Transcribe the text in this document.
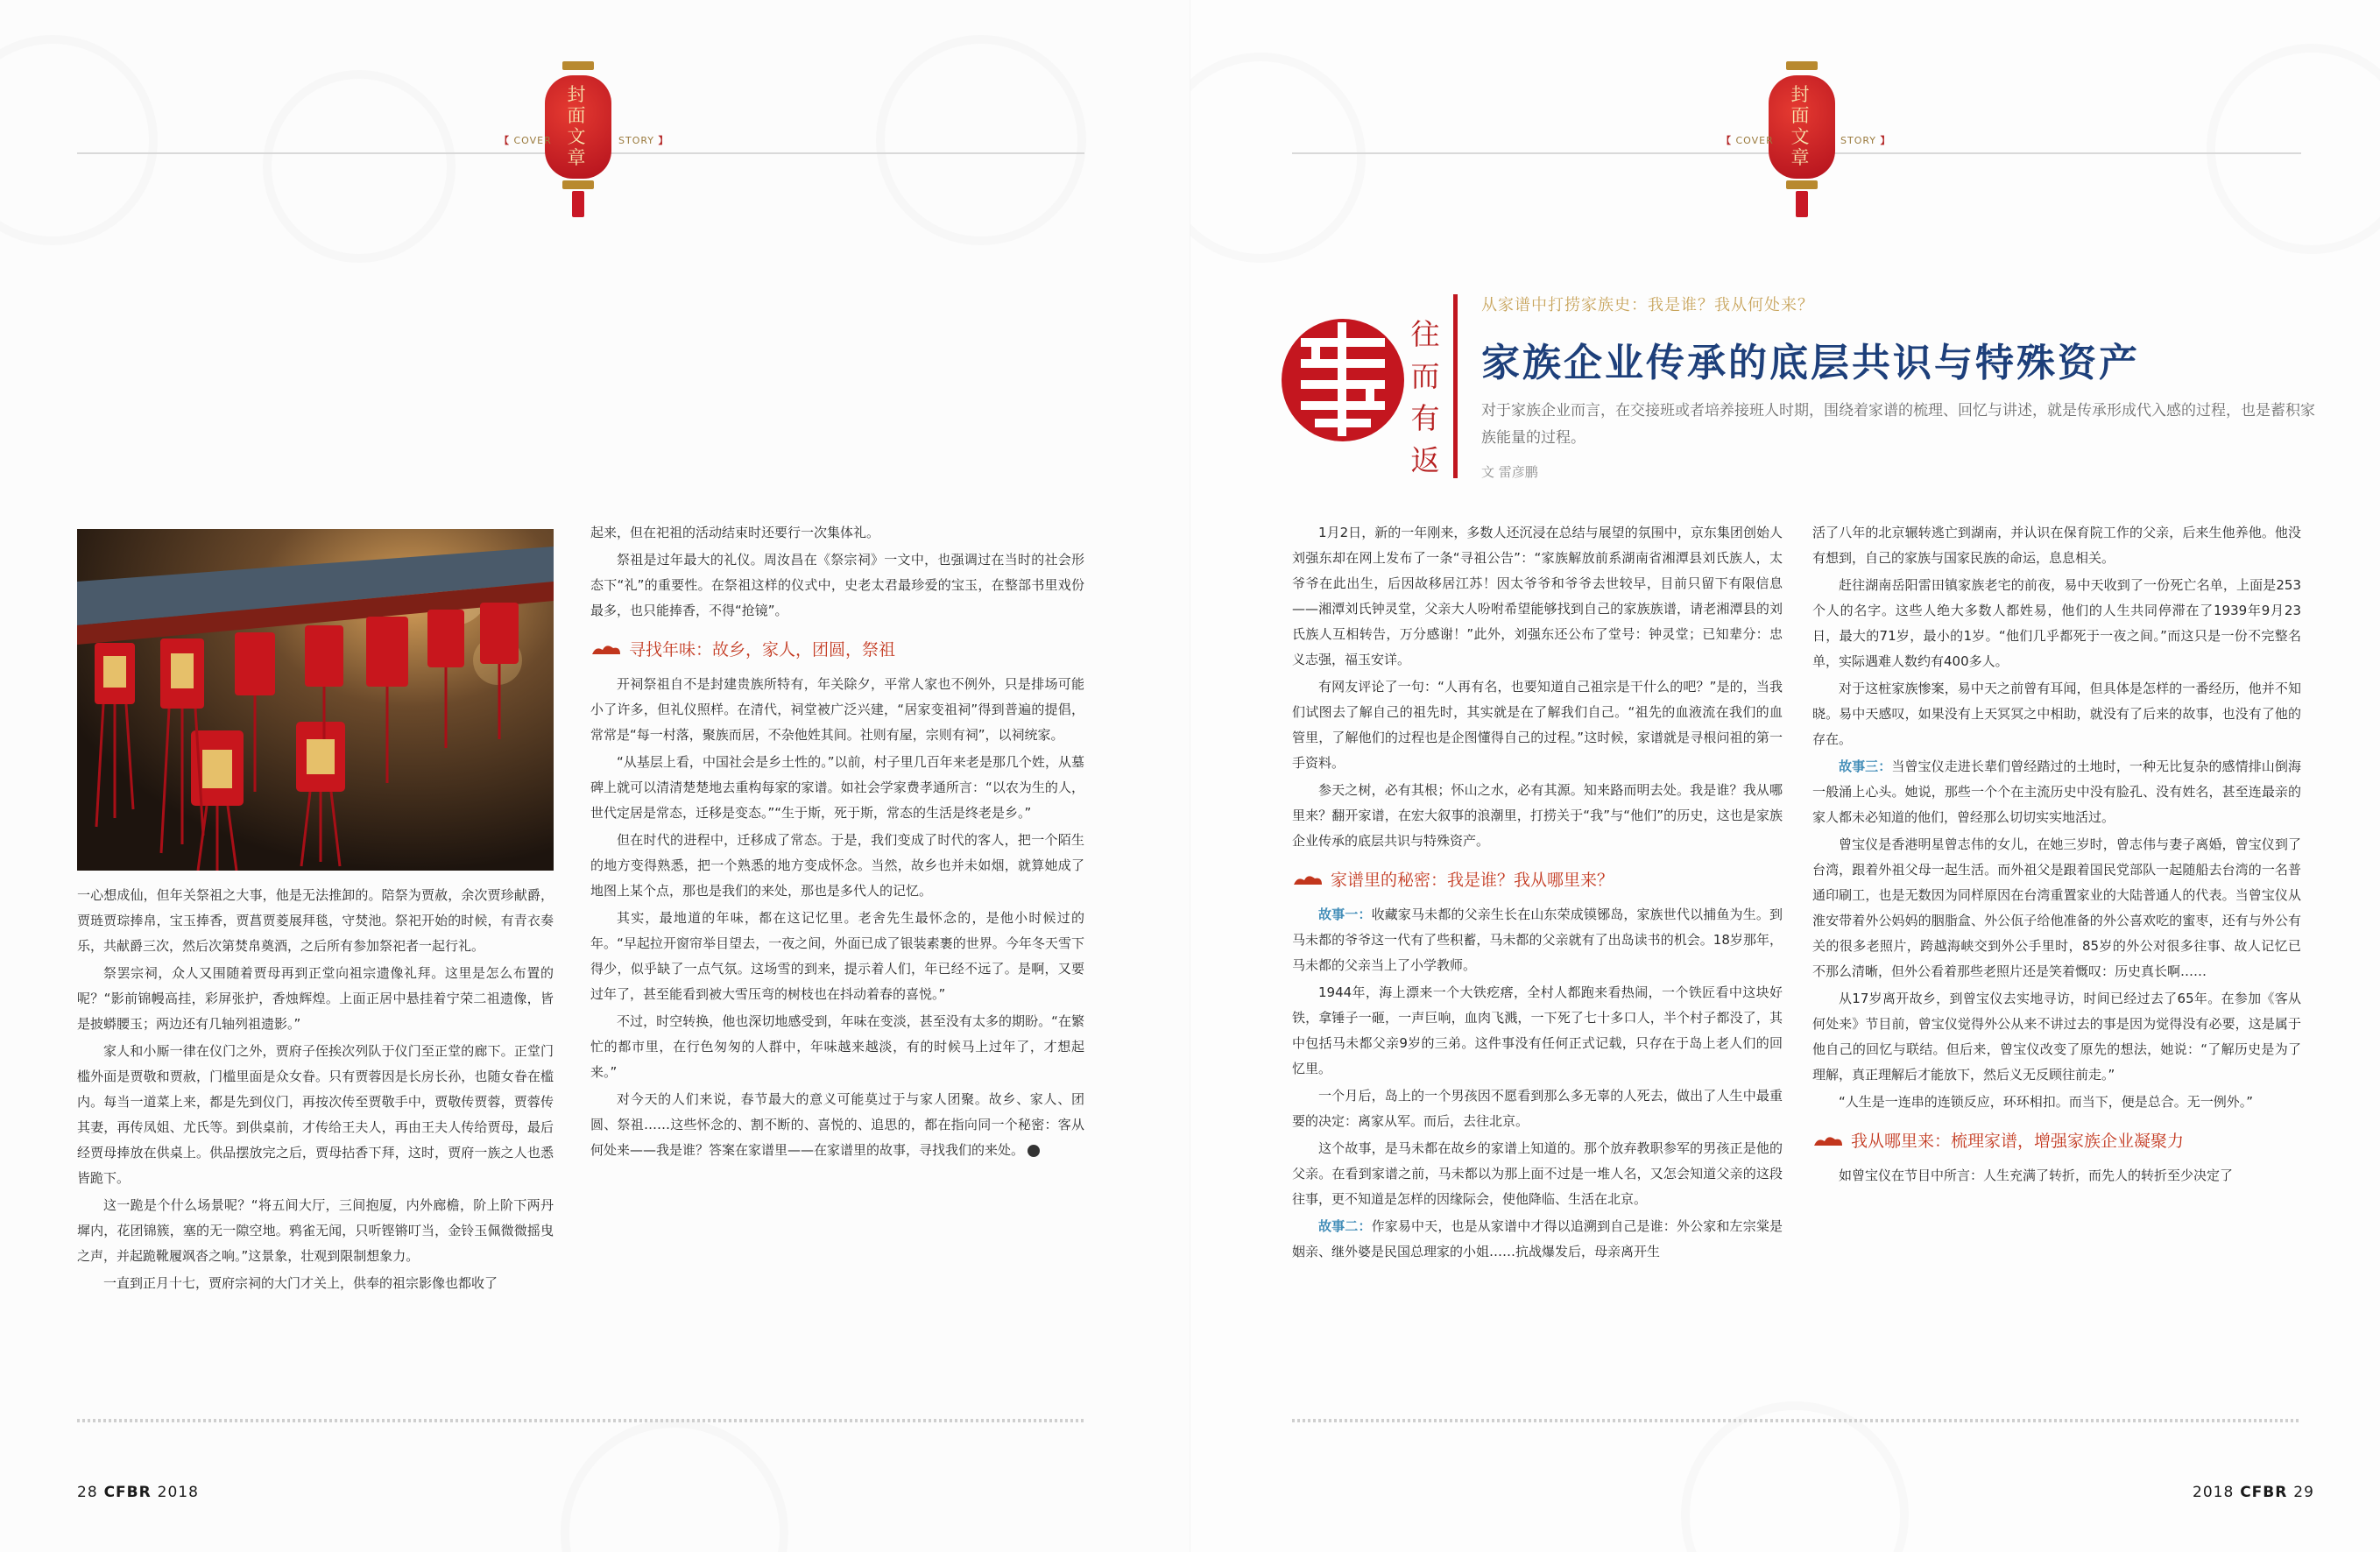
封
面
文
章
【 COVER	STORY 】

一心想成仙，但年关祭祖之大事，他是无法推卸的。陪祭为贾赦，余次贾珍献爵，贾琏贾琮捧帛，宝玉捧香，贾菖贾菱展拜毯，守焚池。祭祀开始的时候，有青衣奏乐，共献爵三次，然后次第焚帛奠酒，之后所有参加祭祀者一起行礼。

祭罢宗祠，众人又围随着贾母再到正堂向祖宗遗像礼拜。这里是怎么布置的呢？“影前锦幔高挂，彩屏张护，香烛辉煌。上面正居中悬挂着宁荣二祖遗像，皆是披蟒腰玉；两边还有几轴列祖遗影。”

家人和小厮一律在仪门之外，贾府子侄挨次列队于仪门至正堂的廊下。正堂门槛外面是贾敬和贾赦，门槛里面是众女眷。只有贾蓉因是长房长孙，也随女眷在槛内。每当一道菜上来，都是先到仪门，再按次传至贾敬手中，贾敬传贾蓉，贾蓉传其妻，再传凤姐、尤氏等。到供桌前，才传给王夫人，再由王夫人传给贾母，最后经贾母捧放在供桌上。供品摆放完之后，贾母拈香下拜，这时，贾府一族之人也悉皆跪下。

这一跪是个什么场景呢？“将五间大厅，三间抱厦，内外廊檐，阶上阶下两丹墀内，花团锦簇，塞的无一隙空地。鸦雀无闻，只听铿锵叮当，金铃玉佩微微摇曳之声，并起跪靴履飒沓之响。”这景象，壮观到限制想象力。

一直到正月十七，贾府宗祠的大门才关上，供奉的祖宗影像也都收了

起来，但在祀祖的活动结束时还要行一次集体礼。

祭祖是过年最大的礼仪。周汝昌在《祭宗祠》一文中，也强调过在当时的社会形态下“礼”的重要性。在祭祖这样的仪式中，史老太君最珍爱的宝玉，在整部书里戏份最多，也只能捧香，不得“抢镜”。

寻找年味：故乡，家人，团圆，祭祖

开祠祭祖自不是封建贵族所特有，年关除夕，平常人家也不例外，只是排场可能小了许多，但礼仪照样。在清代，祠堂被广泛兴建，“居家变祖祠”得到普遍的提倡，常常是“每一村落，聚族而居，不杂他姓其间。社则有屋，宗则有祠”，以祠统家。

“从基层上看，中国社会是乡土性的。”以前，村子里几百年来老是那几个姓，从墓碑上就可以清清楚楚地去重构每家的家谱。如社会学家费孝通所言：“以农为生的人，世代定居是常态，迁移是变态。”“生于斯，死于斯，常态的生活是终老是乡。”

但在时代的进程中，迁移成了常态。于是，我们变成了时代的客人，把一个陌生的地方变得熟悉，把一个熟悉的地方变成怀念。当然，故乡也并未如烟，就算她成了地图上某个点，那也是我们的来处，那也是多代人的记忆。

其实，最地道的年味，都在这记忆里。老舍先生最怀念的，是他小时候过的年。“早起拉开窗帘举目望去，一夜之间，外面已成了银装素裹的世界。今年冬天雪下得少，似乎缺了一点气氛。这场雪的到来，提示着人们，年已经不远了。是啊，又要过年了，甚至能看到被大雪压弯的树枝也在抖动着春的喜悦。”

不过，时空转换，他也深切地感受到，年味在变淡，甚至没有太多的期盼。“在繁忙的都市里，在行色匆匆的人群中，年味越来越淡，有的时候马上过年了，才想起来。”

对今天的人们来说，春节最大的意义可能莫过于与家人团聚。故乡、家人、团圆、祭祖……这些怀念的、割不断的、喜悦的、追思的，都在指向同一个秘密：客从何处来——我是谁？答案在家谱里——在家谱里的故事，寻找我们的来处。

28 CFBR 2018
封
面
文
章
【 COVER	STORY 】
往
而
有
返
从家谱中打捞家族史：我是谁？我从何处来？
家族企业传承的底层共识与特殊资产
对于家族企业而言，在交接班或者培养接班人时期，围绕着家谱的梳理、回忆与讲述，就是传承形成代入感的过程，也是蓄积家族能量的过程。
文 雷彦鹏

1月2日，新的一年刚来，多数人还沉浸在总结与展望的氛围中，京东集团创始人刘强东却在网上发布了一条“寻祖公告”：“家族解放前系湖南省湘潭县刘氏族人，太爷爷在此出生，后因故移居江苏！因太爷爷和爷爷去世较早，目前只留下有限信息——湘潭刘氏钟灵堂，父亲大人吩咐希望能够找到自己的家族族谱，请老湘潭县的刘氏族人互相转告，万分感谢！”此外，刘强东还公布了堂号：钟灵堂；已知辈分：忠义志强，福玉安详。

有网友评论了一句：“人再有名，也要知道自己祖宗是干什么的吧？”是的，当我们试图去了解自己的祖先时，其实就是在了解我们自己。“祖先的血液流在我们的血管里，了解他们的过程也是企图懂得自己的过程。”这时候，家谱就是寻根问祖的第一手资料。

参天之树，必有其根；怀山之水，必有其源。知来路而明去处。我是谁？我从哪里来？翻开家谱，在宏大叙事的浪潮里，打捞关于“我”与“他们”的历史，这也是家族企业传承的底层共识与特殊资产。

家谱里的秘密：我是谁？我从哪里来？

故事一：收藏家马未都的父亲生长在山东荣成镆铘岛，家族世代以捕鱼为生。到马未都的爷爷这一代有了些积蓄，马未都的父亲就有了出岛读书的机会。18岁那年，马未都的父亲当上了小学教师。

1944年，海上漂来一个大铁疙瘩，全村人都跑来看热闹，一个铁匠看中这块好铁，拿锤子一砸，一声巨响，血肉飞溅，一下死了七十多口人，半个村子都没了，其中包括马未都父亲9岁的三弟。这件事没有任何正式记载，只存在于岛上老人们的回忆里。

一个月后，岛上的一个男孩因不愿看到那么多无辜的人死去，做出了人生中最重要的决定：离家从军。而后，去往北京。

这个故事，是马未都在故乡的家谱上知道的。那个放弃教职参军的男孩正是他的父亲。在看到家谱之前，马未都以为那上面不过是一堆人名，又怎会知道父亲的这段往事，更不知道是怎样的因缘际会，使他降临、生活在北京。

故事二：作家易中天，也是从家谱中才得以追溯到自己是谁：外公家和左宗棠是姻亲、继外婆是民国总理家的小姐……抗战爆发后，母亲离开生

活了八年的北京辗转逃亡到湖南，并认识在保育院工作的父亲，后来生他养他。他没有想到，自己的家族与国家民族的命运，息息相关。

赶往湖南岳阳雷田镇家族老宅的前夜，易中天收到了一份死亡名单，上面是253个人的名字。这些人绝大多数人都姓易，他们的人生共同停滞在了1939年9月23日，最大的71岁，最小的1岁。“他们几乎都死于一夜之间。”而这只是一份不完整名单，实际遇难人数约有400多人。

对于这桩家族惨案，易中天之前曾有耳闻，但具体是怎样的一番经历，他并不知晓。易中天感叹，如果没有上天冥冥之中相助，就没有了后来的故事，也没有了他的存在。

故事三：当曾宝仪走进长辈们曾经踏过的土地时，一种无比复杂的感情排山倒海一般涌上心头。她说，那些一个个在主流历史中没有脸孔、没有姓名，甚至连最亲的家人都未必知道的他们，曾经那么切切实实地活过。

曾宝仪是香港明星曾志伟的女儿，在她三岁时，曾志伟与妻子离婚，曾宝仪到了台湾，跟着外祖父母一起生活。而外祖父是跟着国民党部队一起随船去台湾的一名普通印刷工，也是无数因为同样原因在台湾重置家业的大陆普通人的代表。当曾宝仪从淮安带着外公妈妈的胭脂盒、外公佤子给他准备的外公喜欢吃的蜜枣，还有与外公有关的很多老照片，跨越海峡交到外公手里时，85岁的外公对很多往事、故人记忆已不那么清晰，但外公看着那些老照片还是笑着慨叹：历史真长啊……

从17岁离开故乡，到曾宝仪去实地寻访，时间已经过去了65年。在参加《客从何处来》节目前，曾宝仪觉得外公从来不讲过去的事是因为觉得没有必要，这是属于他自己的回忆与联结。但后来，曾宝仪改变了原先的想法，她说：“了解历史是为了理解，真正理解后才能放下，然后义无反顾往前走。”

“人生是一连串的连锁反应，环环相扣。而当下，便是总合。无一例外。”

我从哪里来：梳理家谱，增强家族企业凝聚力

如曾宝仪在节目中所言：人生充满了转折，而先人的转折至少决定了

2018 CFBR 29
